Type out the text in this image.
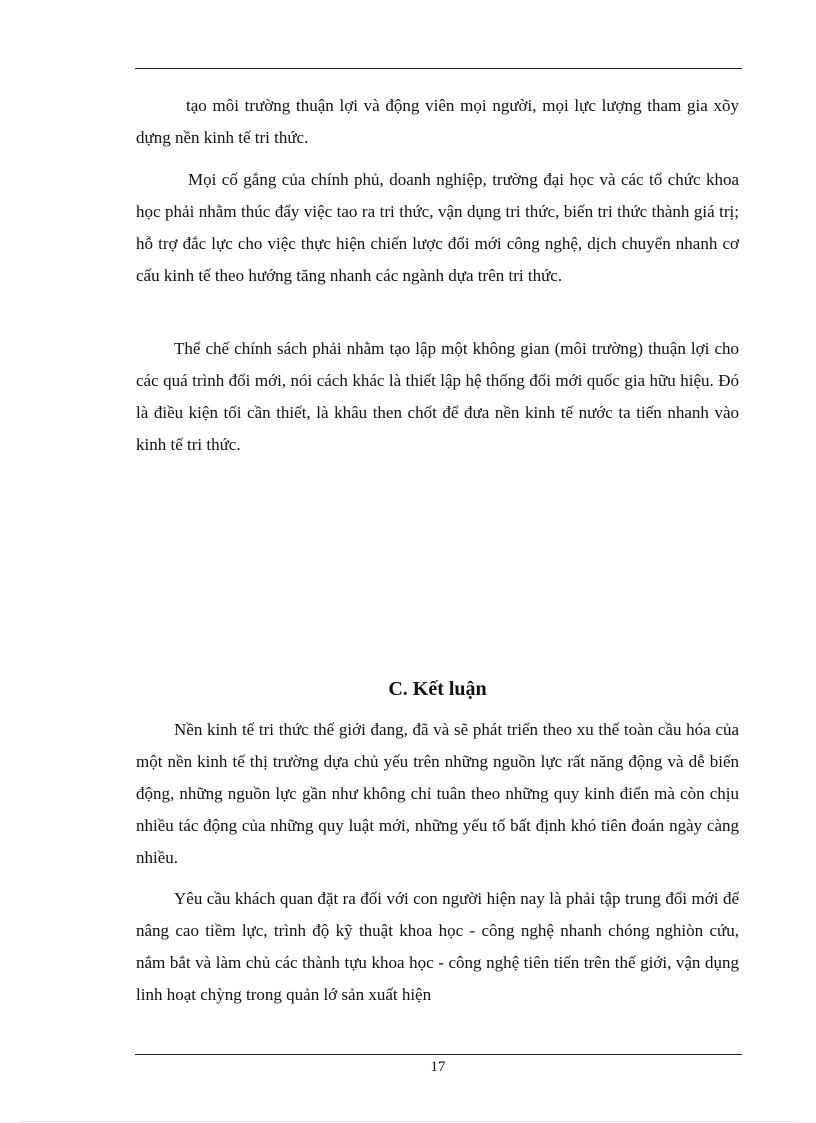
tạo môi trường thuận lợi và động viên mọi người, mọi lực lượng tham gia xõy dựng nền kinh tế tri thức.

Mọi cố gắng của chính phủ, doanh nghiệp, trường đại học và các tổ chức khoa học phải nhằm thúc đẩy việc tao ra tri thức, vận dụng tri thức, biến tri thức thành giá trị; hỗ trợ đắc lực cho việc thực hiện chiến lược đổi mới công nghệ, dịch chuyển nhanh cơ cấu kinh tế theo hướng tăng nhanh các ngành dựa trên tri thức.

Thể chế chính sách phải nhằm tạo lập một không gian (môi trường) thuận lợi cho các quá trình đổi mới, nói cách khác là thiết lập hệ thống đổi mới quốc gia hữu hiệu. Đó là điều kiện tối cần thiết, là khâu then chốt để đưa nền kinh tế nước ta tiến nhanh vào kinh tế tri thức.

C. Kết luận

Nền kinh tế tri thức thế giới đang, đã và sẽ phát triển theo xu thế toàn cầu hóa của một nền kinh tế thị trường dựa chủ yếu trên những nguồn lực rất năng động và dễ biến động, những nguồn lực gần như không chỉ tuân theo những quy kinh điển mà còn chịu nhiều tác động của những quy luật mới, những yếu tố bất định khó tiên đoán ngày càng nhiều.

Yêu cầu khách quan đặt ra đối với con người hiện nay là phải tập trung đổi mới để nâng cao tiềm lực, trình độ kỹ thuật khoa học - công nghệ nhanh chóng nghiòn cứu, nắm bắt và làm chủ các thành tựu khoa học - công nghệ tiên tiến trên thế giới, vận dụng linh hoạt chỳng trong quản lớ sản xuất hiện

17
